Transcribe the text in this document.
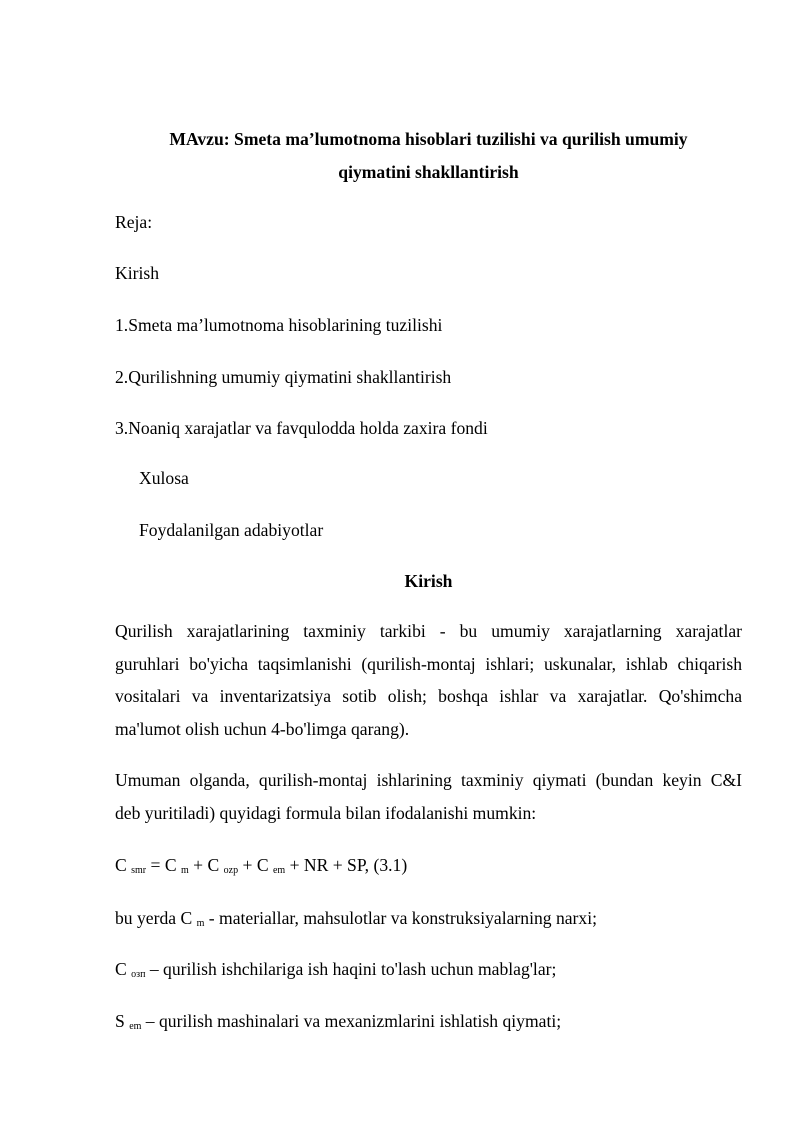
MAvzu: Smeta ma’lumotnoma hisoblari tuzilishi va qurilish umumiy
qiymatini shakllantirish
Reja:
Kirish
1.Smeta ma’lumotnoma hisoblarining tuzilishi
2.Qurilishning umumiy qiymatini shakllantirish
3.Noaniq xarajatlar va favqulodda holda zaxira fondi
Xulosa
Foydalanilgan adabiyotlar
Kirish
Qurilish xarajatlarining taxminiy tarkibi - bu umumiy xarajatlarning xarajatlar
guruhlari bo'yicha taqsimlanishi (qurilish-montaj ishlari; uskunalar, ishlab chiqarish
vositalari va inventarizatsiya sotib olish; boshqa ishlar va xarajatlar. Qo'shimcha
ma'lumot olish uchun 4-bo'limga qarang).
Umuman olganda, qurilish-montaj ishlarining taxminiy qiymati (bundan keyin C&I
deb yuritiladi) quyidagi formula bilan ifodalanishi mumkin:
C $_{smr}$ = C $_m$ + C $_{ozp}$ + C $_{em}$ + NR + SP, (3.1)
bu yerda C $_m$ - materiallar, mahsulotlar va konstruksiyalarning narxi;
C $_{озп}$ – qurilish ishchilariga ish haqini to'lash uchun mablag'lar;
S $_{em}$ – qurilish mashinalari va mexanizmlarini ishlatish qiymati;
